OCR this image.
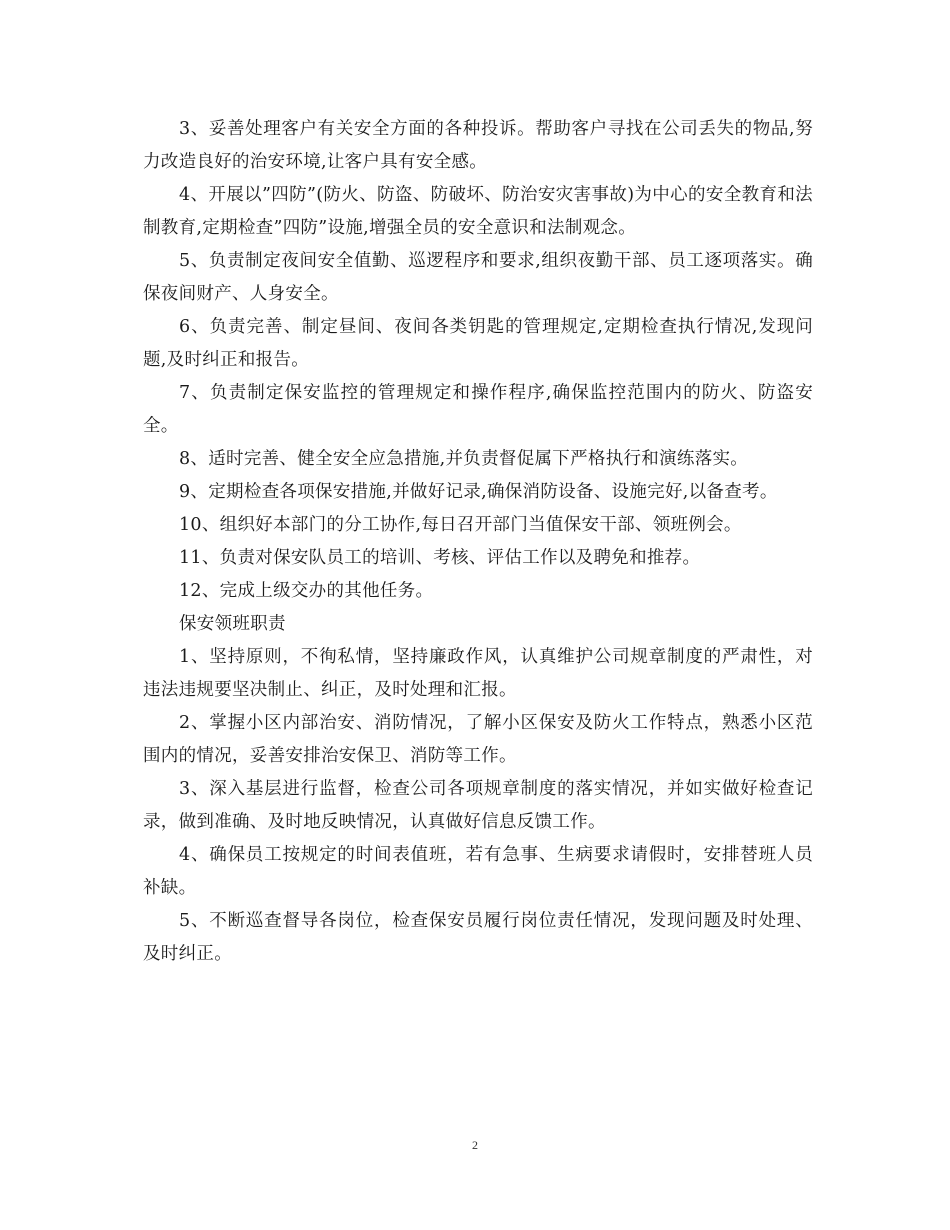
3、妥善处理客户有关安全方面的各种投诉。帮助客户寻找在公司丢失的物品,努力改造良好的治安环境,让客户具有安全感。

4、开展以”四防”(防火、防盗、防破坏、防治安灾害事故)为中心的安全教育和法制教育,定期检查”四防”设施,增强全员的安全意识和法制观念。

5、负责制定夜间安全值勤、巡逻程序和要求,组织夜勤干部、员工逐项落实。确保夜间财产、人身安全。

6、负责完善、制定昼间、夜间各类钥匙的管理规定,定期检查执行情况,发现问题,及时纠正和报告。

7、负责制定保安监控的管理规定和操作程序,确保监控范围内的防火、防盗安全。

8、适时完善、健全安全应急措施,并负责督促属下严格执行和演练落实。

9、定期检查各项保安措施,并做好记录,确保消防设备、设施完好,以备查考。

10、组织好本部门的分工协作,每日召开部门当值保安干部、领班例会。

11、负责对保安队员工的培训、考核、评估工作以及聘免和推荐。

12、完成上级交办的其他任务。

保安领班职责

1、坚持原则，不徇私情，坚持廉政作风，认真维护公司规章制度的严肃性，对违法违规要坚决制止、纠正，及时处理和汇报。

2、掌握小区内部治安、消防情况，了解小区保安及防火工作特点，熟悉小区范围内的情况，妥善安排治安保卫、消防等工作。

3、深入基层进行监督，检查公司各项规章制度的落实情况，并如实做好检查记录，做到准确、及时地反映情况，认真做好信息反馈工作。

4、确保员工按规定的时间表值班，若有急事、生病要求请假时，安排替班人员补缺。

5、不断巡查督导各岗位，检查保安员履行岗位责任情况，发现问题及时处理、及时纠正。

2
